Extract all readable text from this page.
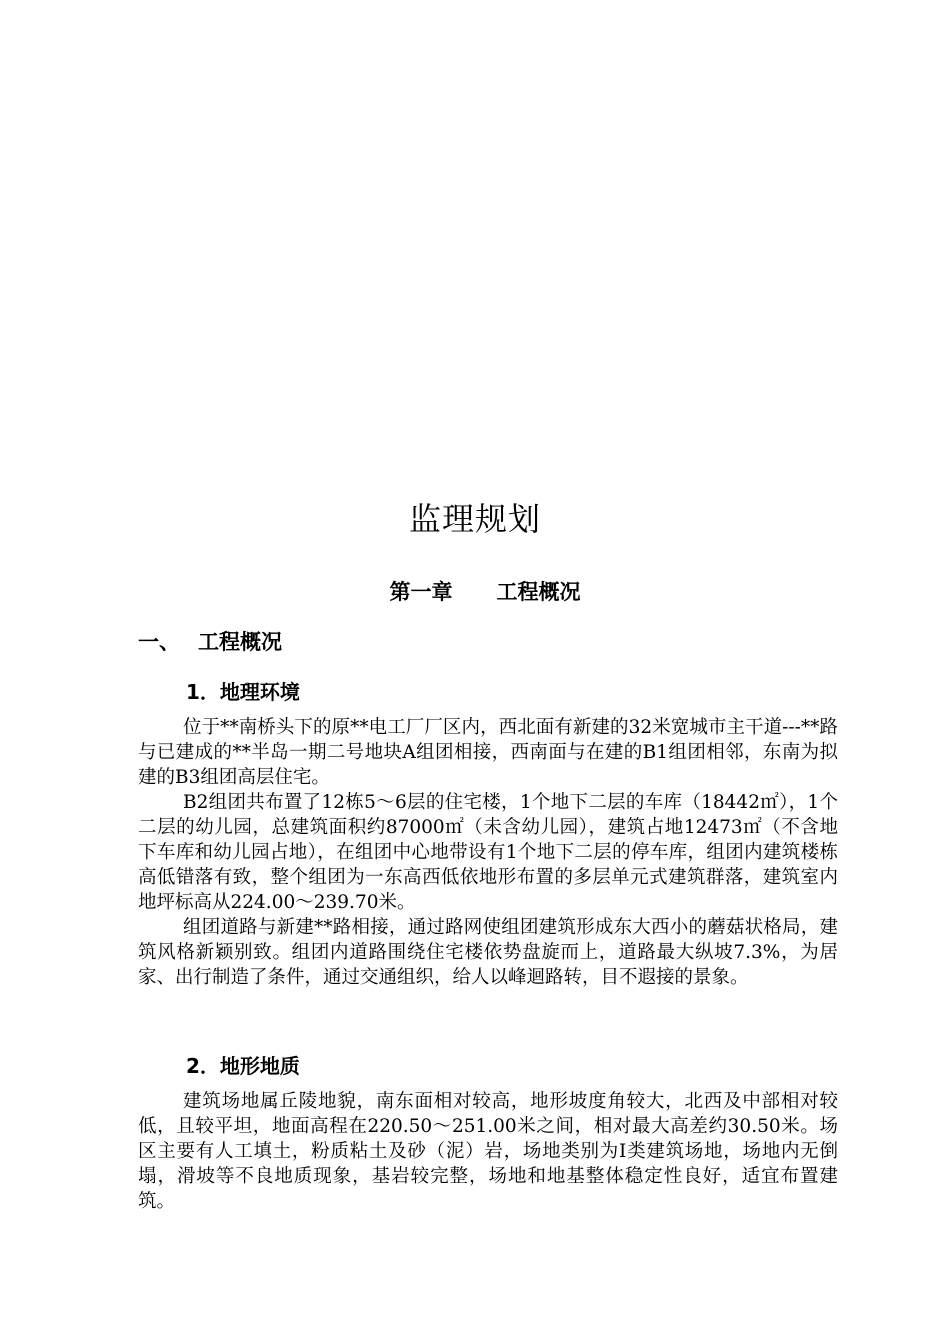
监理规划
第一章 工程概况
一、 工程概况
1．地理环境

位于**南桥头下的原**电工厂厂区内，西北面有新建的32米宽城市主干道---**路与已建成的**半岛一期二号地块A组团相接，西南面与在建的B1组团相邻，东南为拟建的B3组团高层住宅。

B2组团共布置了12栋5～6层的住宅楼，1个地下二层的车库（18442㎡），1个二层的幼儿园，总建筑面积约87000㎡（未含幼儿园），建筑占地12473㎡（不含地下车库和幼儿园占地），在组团中心地带设有1个地下二层的停车库，组团内建筑楼栋高低错落有致，整个组团为一东高西低依地形布置的多层单元式建筑群落，建筑室内地坪标高从224.00～239.70米。

组团道路与新建**路相接，通过路网使组团建筑形成东大西小的蘑菇状格局，建筑风格新颖别致。组团内道路围绕住宅楼依势盘旋而上，道路最大纵坡7.3%，为居家、出行制造了条件，通过交通组织，给人以峰迴路转，目不遐接的景象。

2．地形地质

建筑场地属丘陵地貌，南东面相对较高，地形坡度角较大，北西及中部相对较低，且较平坦，地面高程在220.50～251.00米之间，相对最大高差约30.50米。场区主要有人工填土，粉质粘土及砂（泥）岩，场地类别为Ⅰ类建筑场地，场地内无倒塌，滑坡等不良地质现象，基岩较完整，场地和地基整体稳定性良好，适宜布置建筑。
